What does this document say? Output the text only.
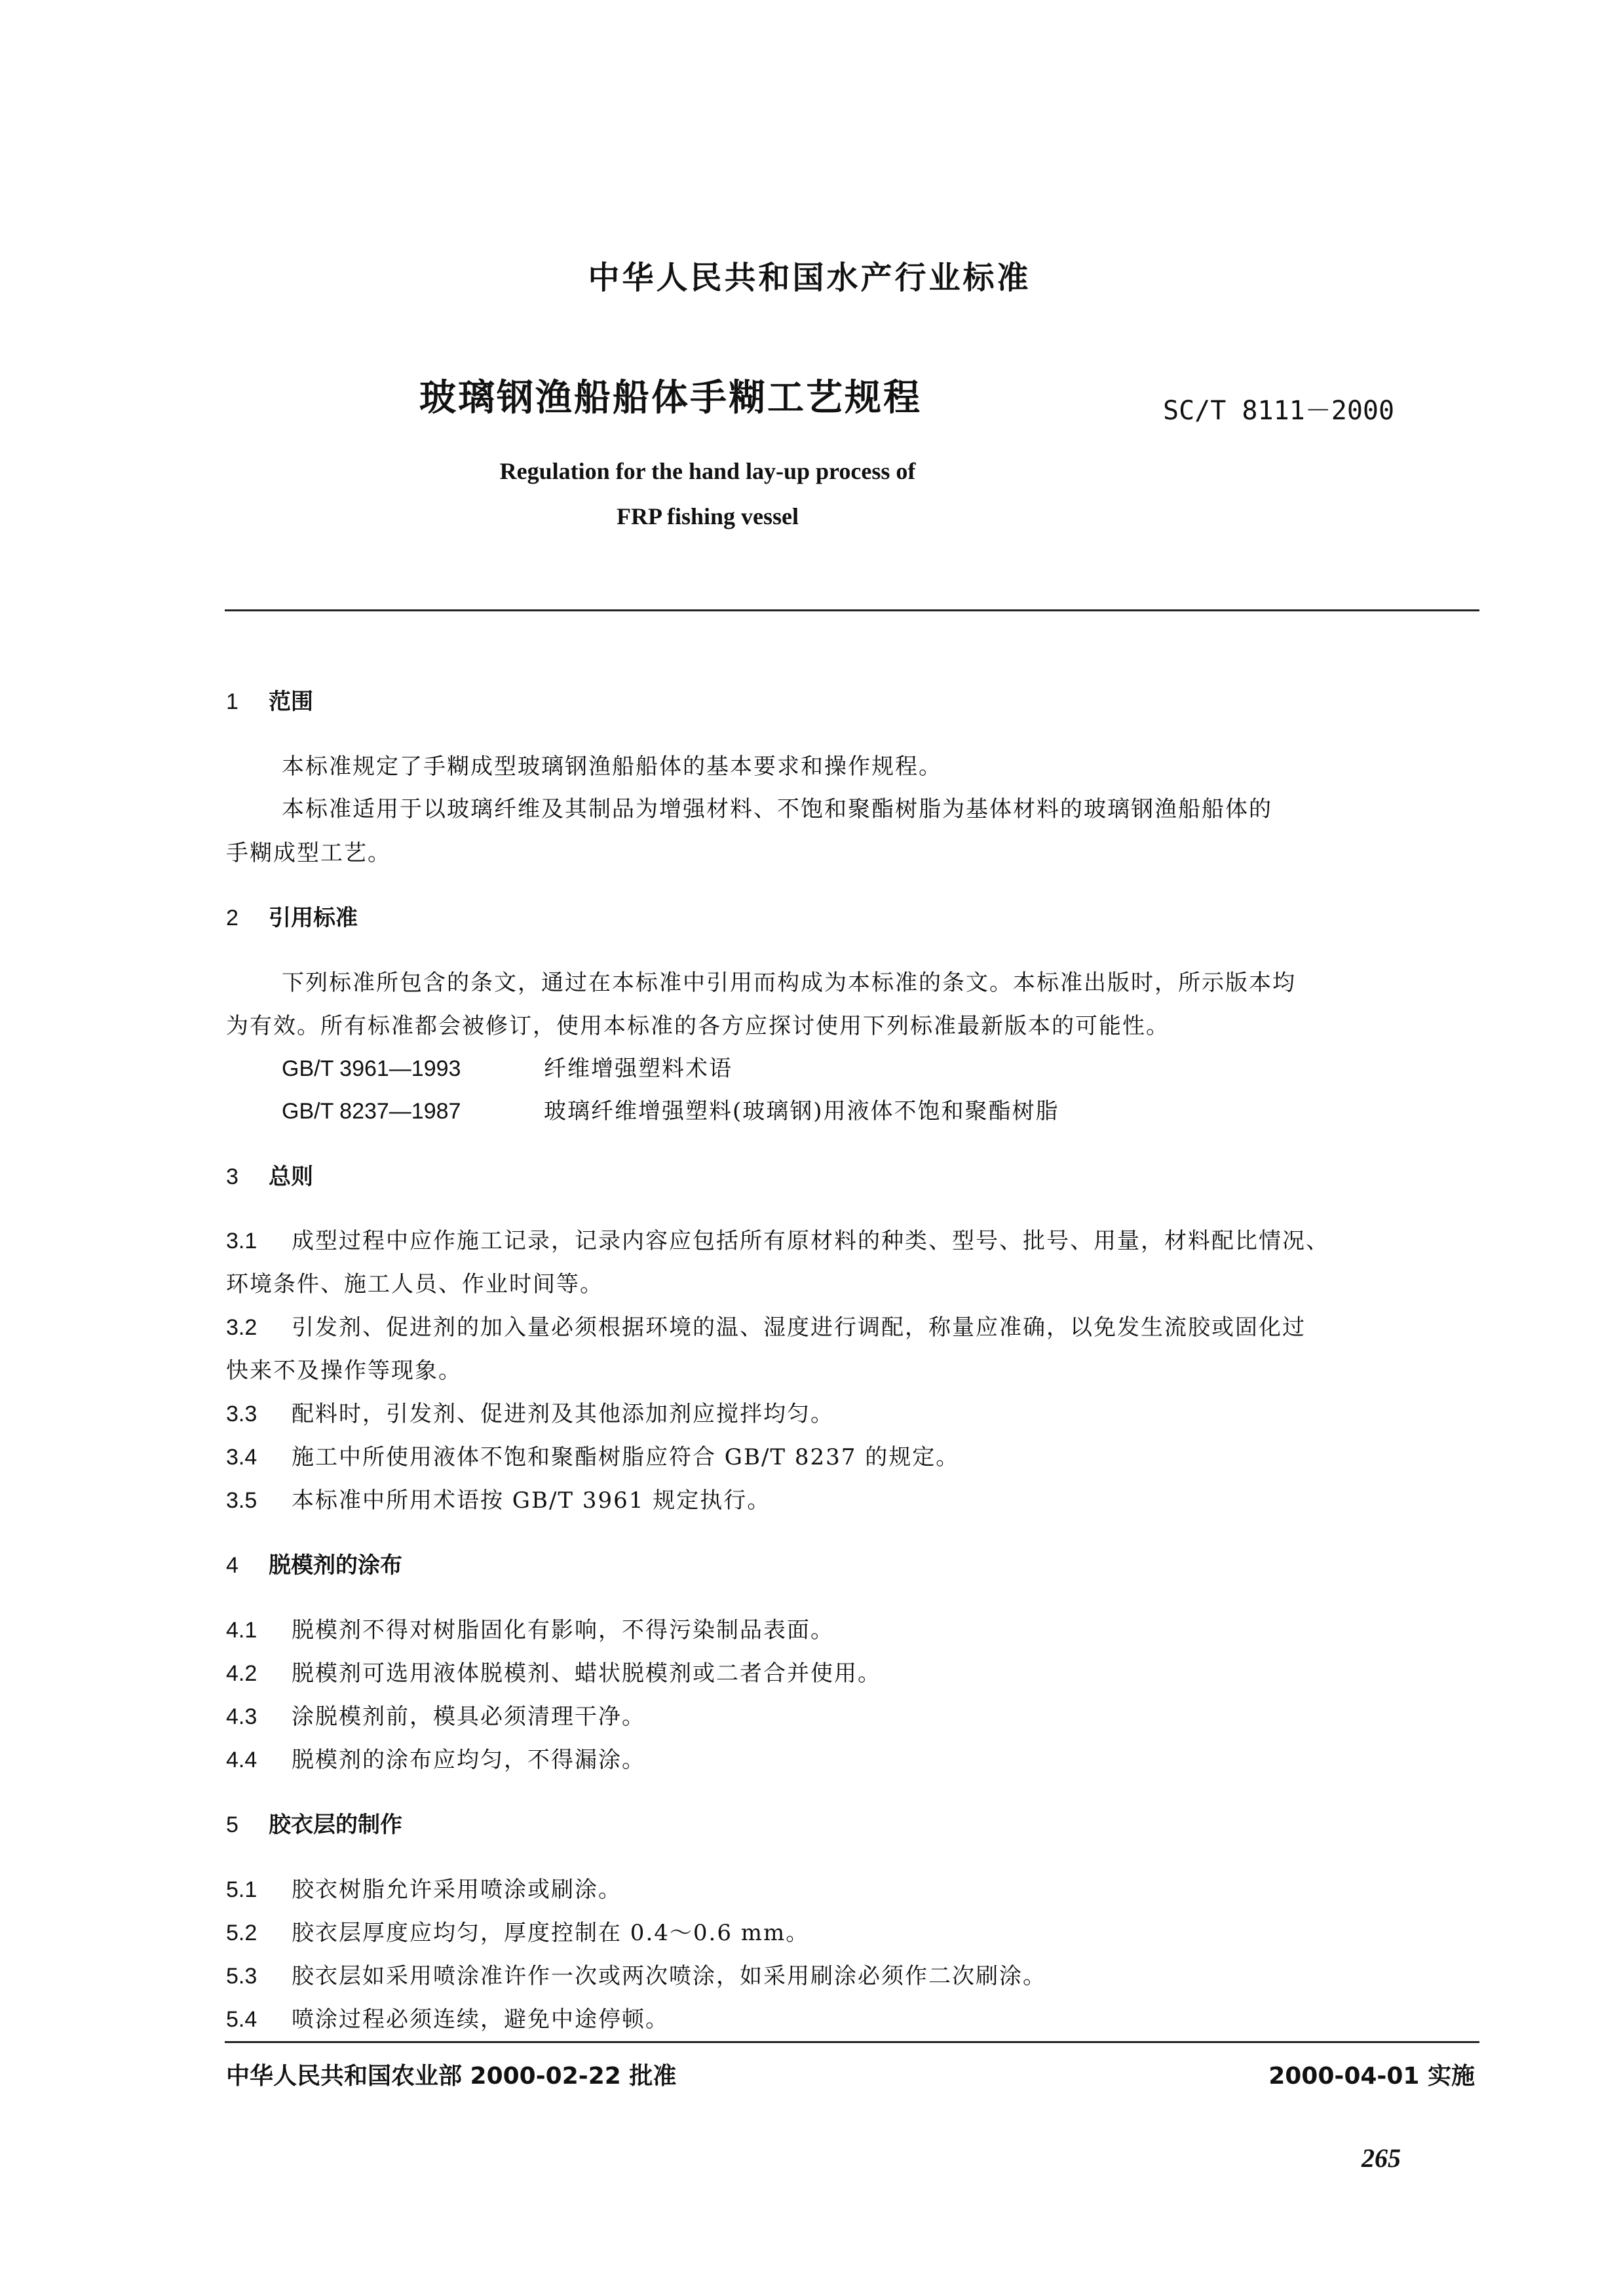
中华人民共和国水产行业标准
玻璃钢渔船船体手糊工艺规程	SC/T 8111－2000
Regulation for the hand lay-up process of
FRP fishing vessel
1 范围
本标准规定了手糊成型玻璃钢渔船船体的基本要求和操作规程。
本标准适用于以玻璃纤维及其制品为增强材料、不饱和聚酯树脂为基体材料的玻璃钢渔船船体的
手糊成型工艺。
2 引用标准
下列标准所包含的条文，通过在本标准中引用而构成为本标准的条文。本标准出版时，所示版本均
为有效。所有标准都会被修订，使用本标准的各方应探讨使用下列标准最新版本的可能性。
GB/T 3961—1993	纤维增强塑料术语
GB/T 8237—1987	玻璃纤维增强塑料(玻璃钢)用液体不饱和聚酯树脂
3 总则
3.1 成型过程中应作施工记录，记录内容应包括所有原材料的种类、型号、批号、用量，材料配比情况、
环境条件、施工人员、作业时间等。
3.2 引发剂、促进剂的加入量必须根据环境的温、湿度进行调配，称量应准确，以免发生流胶或固化过
快来不及操作等现象。
3.3 配料时，引发剂、促进剂及其他添加剂应搅拌均匀。
3.4 施工中所使用液体不饱和聚酯树脂应符合 GB/T 8237 的规定。
3.5 本标准中所用术语按 GB/T 3961 规定执行。
4 脱模剂的涂布
4.1 脱模剂不得对树脂固化有影响，不得污染制品表面。
4.2 脱模剂可选用液体脱模剂、蜡状脱模剂或二者合并使用。
4.3 涂脱模剂前，模具必须清理干净。
4.4 脱模剂的涂布应均匀，不得漏涂。
5 胶衣层的制作
5.1 胶衣树脂允许采用喷涂或刷涂。
5.2 胶衣层厚度应均匀，厚度控制在 0.4～0.6 mm。
5.3 胶衣层如采用喷涂准许作一次或两次喷涂，如采用刷涂必须作二次刷涂。
5.4 喷涂过程必须连续，避免中途停顿。
中华人民共和国农业部 2000-02-22 批准	2000-04-01 实施
265
